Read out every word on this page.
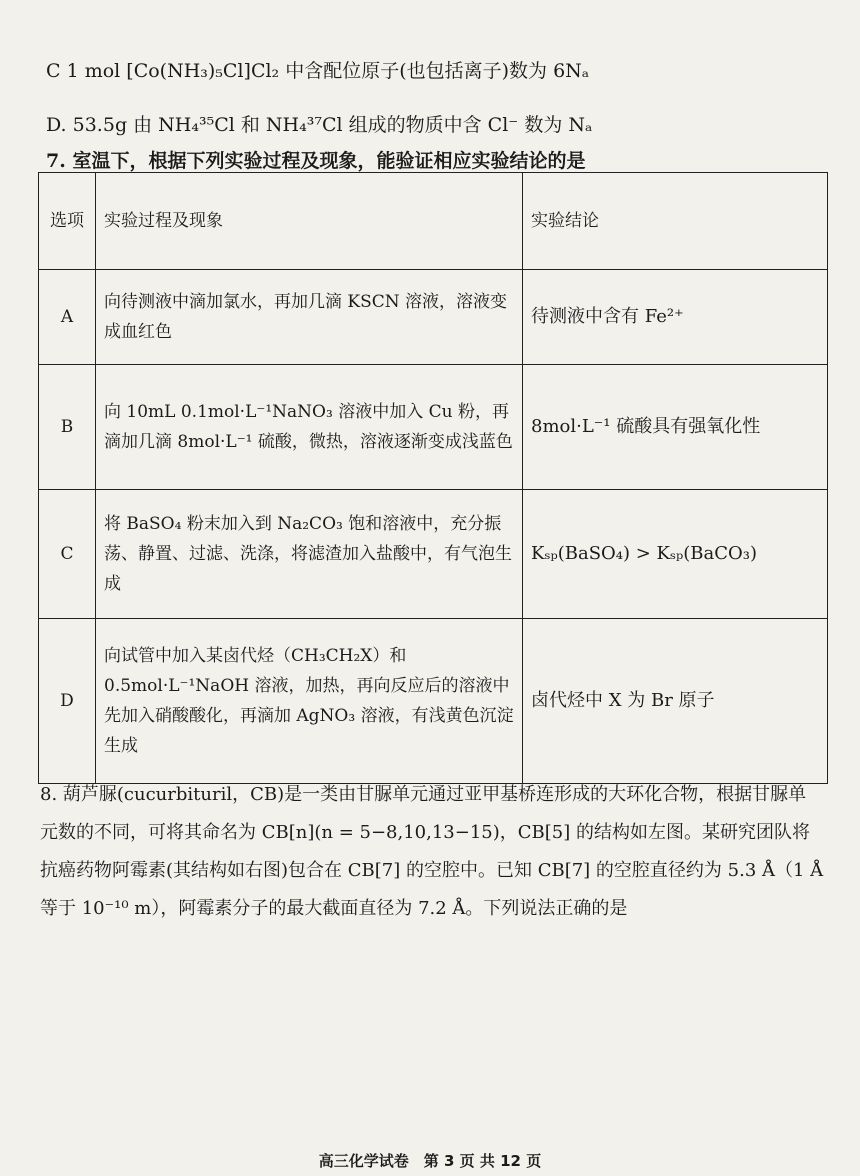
C 1 mol [Co(NH₃)₅Cl]Cl₂ 中含配位原子(也包括离子)数为 6Nₐ
D. 53.5g 由 NH₄³⁵Cl 和 NH₄³⁷Cl 组成的物质中含 Cl⁻ 数为 Nₐ
7. 室温下，根据下列实验过程及现象，能验证相应实验结论的是
选项	实验过程及现象	实验结论
A	向待测液中滴加氯水，再加几滴 KSCN 溶液，溶液变成血红色	待测液中含有 Fe²⁺
B	向 10mL 0.1mol·L⁻¹NaNO₃ 溶液中加入 Cu 粉，再滴加几滴 8mol·L⁻¹ 硫酸，微热，溶液逐渐变成浅蓝色	8mol·L⁻¹ 硫酸具有强氧化性
C	将 BaSO₄ 粉末加入到 Na₂CO₃ 饱和溶液中，充分振荡、静置、过滤、洗涤，将滤渣加入盐酸中，有气泡生成	Kₛₚ(BaSO₄) > Kₛₚ(BaCO₃)
D	向试管中加入某卤代烃（CH₃CH₂X）和 0.5mol·L⁻¹NaOH 溶液，加热，再向反应后的溶液中先加入硝酸酸化，再滴加 AgNO₃ 溶液，有浅黄色沉淀生成	卤代烃中 X 为 Br 原子
8. 葫芦脲(cucurbituril，CB)是一类由甘脲单元通过亚甲基桥连形成的大环化合物，根据甘脲单元数的不同，可将其命名为 CB[n](n = 5−8,10,13−15)，CB[5] 的结构如左图。某研究团队将抗癌药物阿霉素(其结构如右图)包合在 CB[7] 的空腔中。已知 CB[7] 的空腔直径约为 5.3 Å（1 Å 等于 10⁻¹⁰ m），阿霉素分子的最大截面直径为 7.2 Å。下列说法正确的是
高三化学试卷　第 3 页 共 12 页
